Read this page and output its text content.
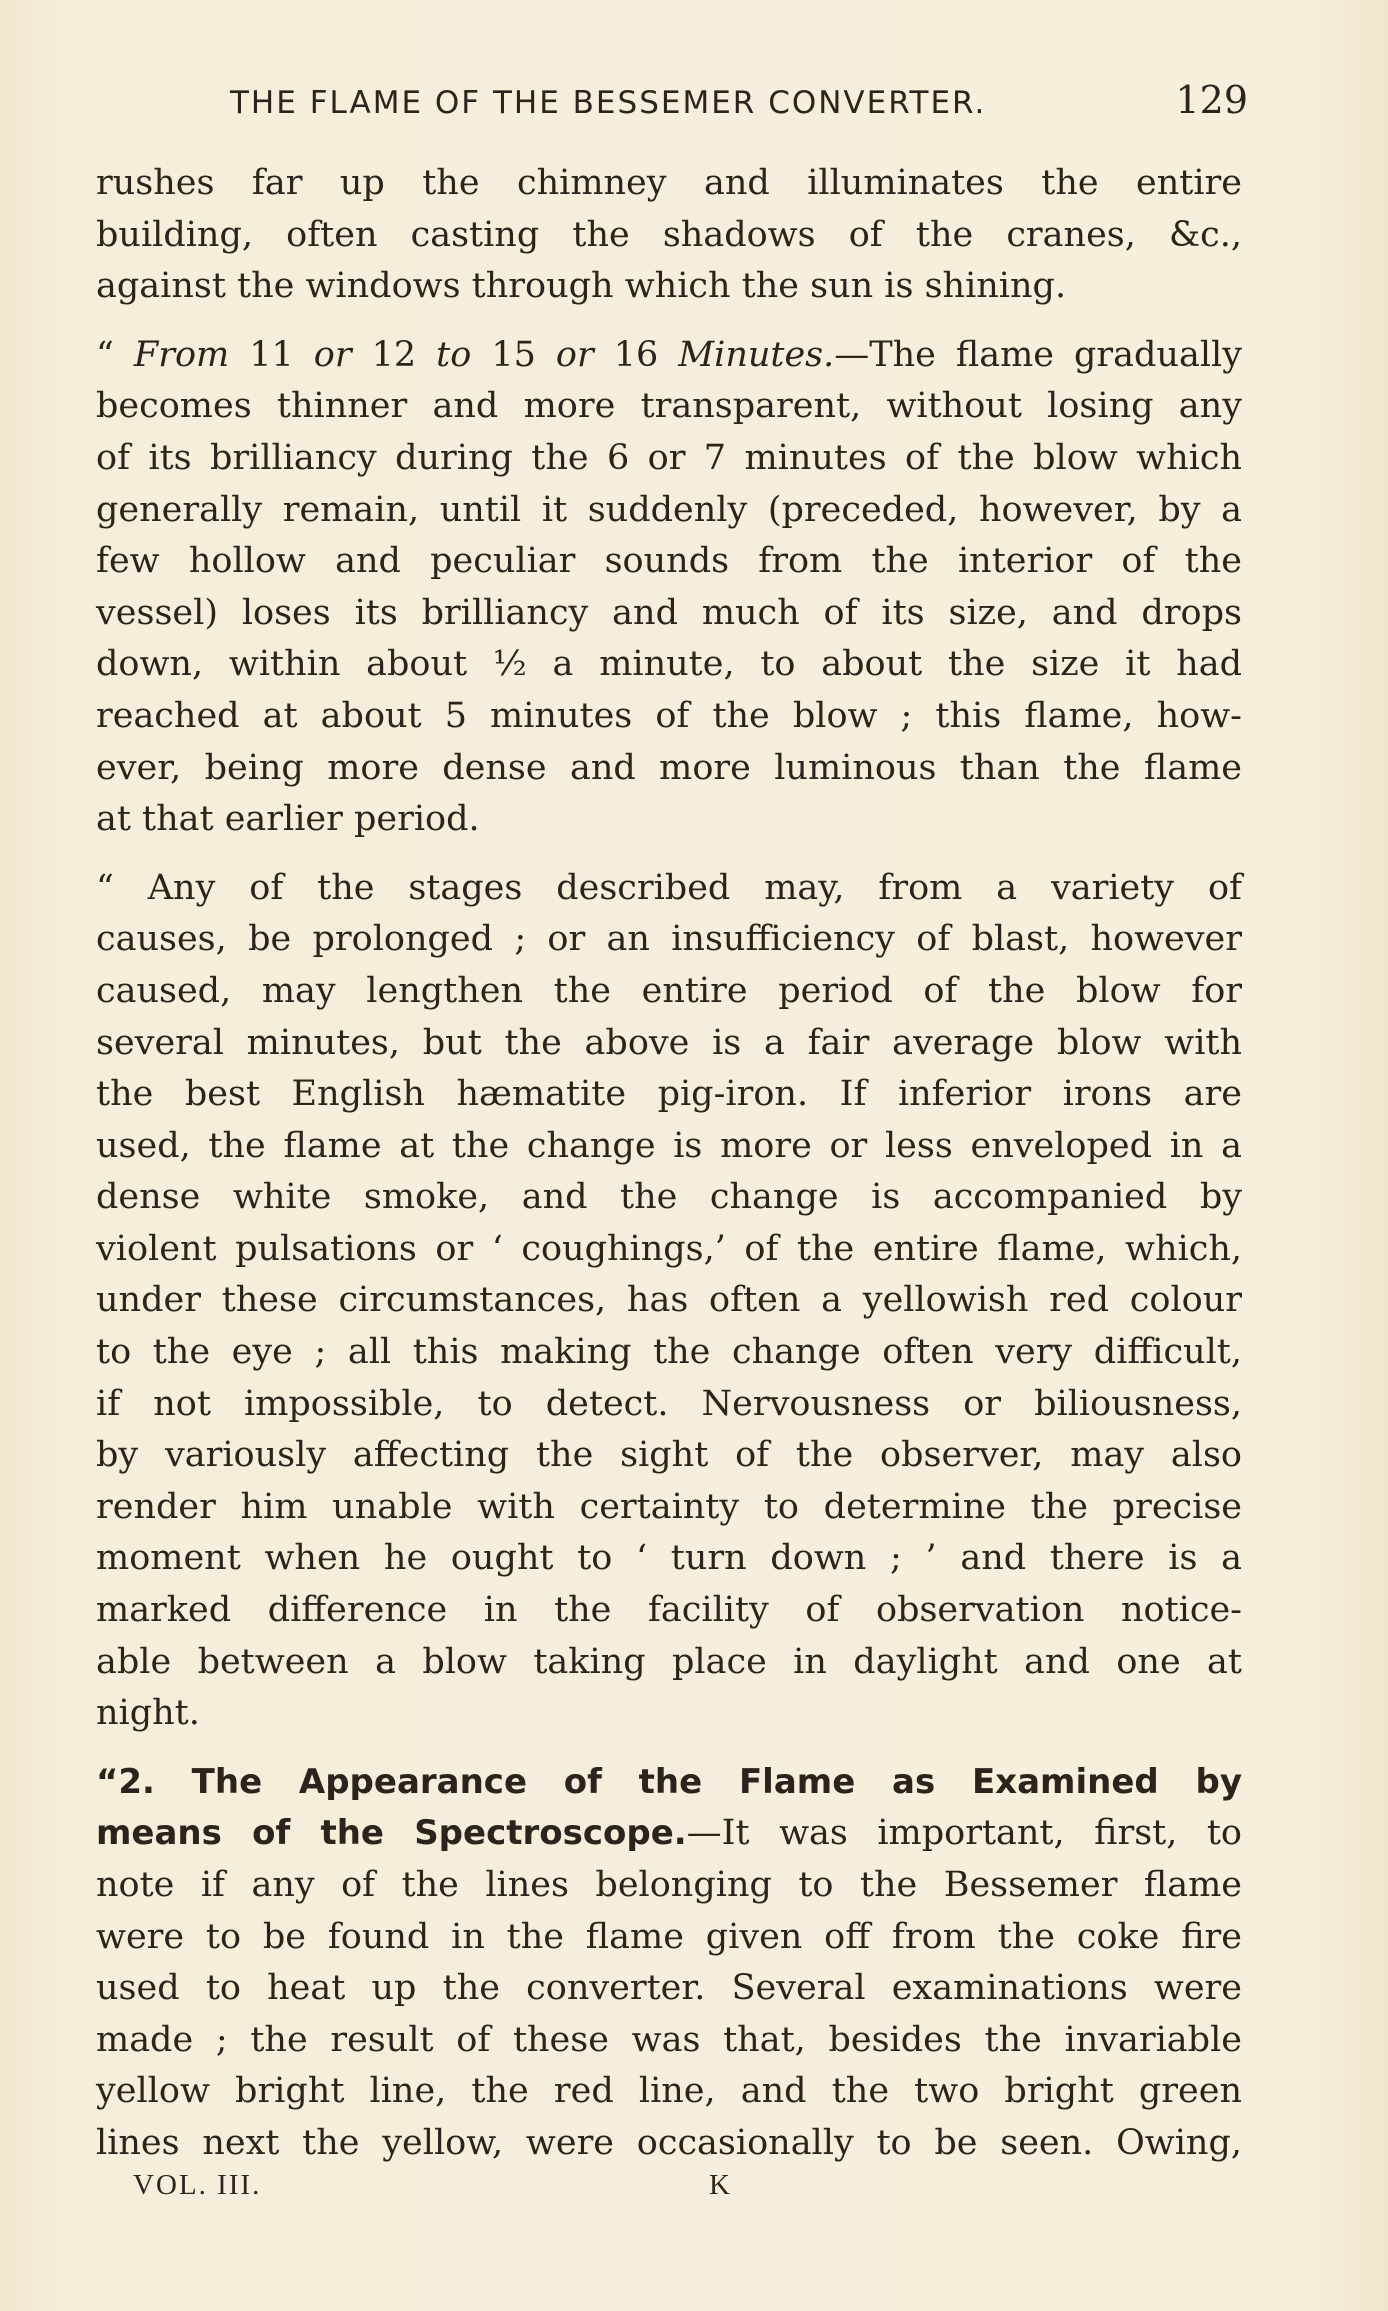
THE FLAME OF THE BESSEMER CONVERTER.	129
rushes far up the chimney and illuminates the entire
building, often casting the shadows of the cranes, &c.,
against the windows through which the sun is shining.
“ From 11 or 12 to 15 or 16 Minutes.—The flame gradually
becomes thinner and more transparent, without losing any
of its brilliancy during the 6 or 7 minutes of the blow which
generally remain, until it suddenly (preceded, however, by a
few hollow and peculiar sounds from the interior of the
vessel) loses its brilliancy and much of its size, and drops
down, within about ½ a minute, to about the size it had
reached at about 5 minutes of the blow ; this flame, how-
ever, being more dense and more luminous than the flame
at that earlier period.
“ Any of the stages described may, from a variety of
causes, be prolonged ; or an insufficiency of blast, however
caused, may lengthen the entire period of the blow for
several minutes, but the above is a fair average blow with
the best English hæmatite pig-iron. If inferior irons are
used, the flame at the change is more or less enveloped in a
dense white smoke, and the change is accompanied by
violent pulsations or ‘ coughings,’ of the entire flame, which,
under these circumstances, has often a yellowish red colour
to the eye ; all this making the change often very difficult,
if not impossible, to detect. Nervousness or biliousness,
by variously affecting the sight of the observer, may also
render him unable with certainty to determine the precise
moment when he ought to ‘ turn down ; ’ and there is a
marked difference in the facility of observation notice-
able between a blow taking place in daylight and one at
night.
“2. The Appearance of the Flame as Examined by
means of the Spectroscope.—It was important, first, to
note if any of the lines belonging to the Bessemer flame
were to be found in the flame given off from the coke fire
used to heat up the converter. Several examinations were
made ; the result of these was that, besides the invariable
yellow bright line, the red line, and the two bright green
lines next the yellow, were occasionally to be seen. Owing,
VOL. III.	K
